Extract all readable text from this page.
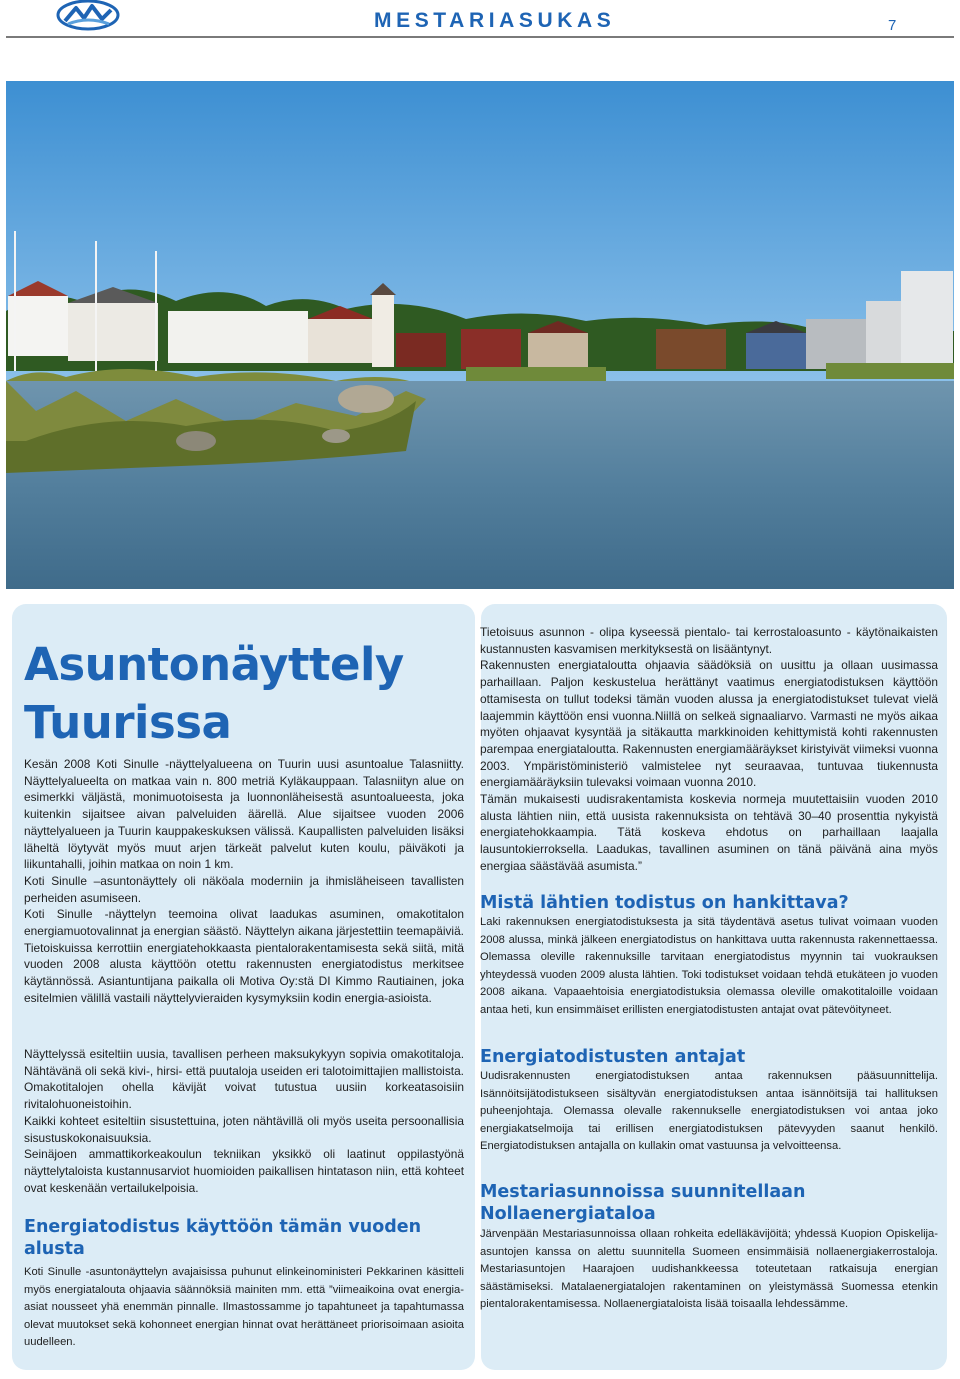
MESTARIASUKAS	7
Asuntonäyttely
Tuurissa

Kesän 2008 Koti Sinulle -näyttelyalueena on Tuurin uusi asuntoalue Talasniitty. Näyttelyalueelta on matkaa vain n. 800 metriä Kyläkauppaan. Talasniityn alue on esimerkki väljästä, monimuotoisesta ja luonnonläheisestä asuntoalueesta, joka kuitenkin sijaitsee aivan palveluiden äärellä. Alue sijaitsee vuoden 2006 näyttelyalueen ja Tuurin kauppakeskuksen välissä. Kaupallisten palveluiden lisäksi läheltä löytyvät myös muut arjen tärkeät palvelut kuten koulu, päiväkoti ja liikuntahalli, joihin matkaa on noin 1 km.

Koti Sinulle –asuntonäyttely oli näköala moderniin ja ihmisläheiseen tavallisten perheiden asumiseen.

Koti Sinulle -näyttelyn teemoina olivat laadukas asuminen, omakotitalon energiamuotovalinnat ja energian säästö. Näyttelyn aikana järjestettiin teemapäiviä. Tietoiskuissa kerrottiin energiatehokkaasta pientalorakentamisesta sekä siitä, mitä vuoden 2008 alusta käyttöön otettu rakennusten energiatodistus merkitsee käytännössä. Asiantuntijana paikalla oli Motiva Oy:stä DI Kimmo Rautiainen, joka esitelmien välillä vastaili näyttelyvieraiden kysymyksiin kodin energia-asioista.

Näyttelyssä esiteltiin uusia, tavallisen perheen maksukykyyn sopivia omakotitaloja. Nähtävänä oli sekä kivi-, hirsi- että puutaloja useiden eri talotoimittajien mallistoista. Omakotitalojen ohella kävijät voivat tutustua uusiin korkeatasoisiin rivitalohuoneistoihin.

Kaikki kohteet esiteltiin sisustettuina, joten nähtävillä oli myös useita persoonallisia sisustuskokonaisuuksia.

Seinäjoen ammattikorkeakoulun tekniikan yksikkö oli laatinut oppilastyönä näyttelytaloista kustannusarviot huomioiden paikallisen hintatason niin, että kohteet ovat keskenään vertailukelpoisia.

Energiatodistus käyttöön tämän vuoden alusta

Koti Sinulle -asuntonäyttelyn avajaisissa puhunut elinkeinoministeri Pekkarinen käsitteli myös energiatalouta ohjaavia säännöksiä mainiten mm. että ”viimeaikoina ovat energia-asiat nousseet yhä enemmän pinnalle. Ilmastossamme jo tapahtuneet ja tapahtumassa olevat muutokset sekä kohonneet energian hinnat ovat herättäneet priorisoimaan asioita uudelleen.

Tietoisuus asunnon - olipa kyseessä pientalo- tai kerrostaloasunto - käytönaikaisten kustannusten kasvamisen merkityksestä on lisääntynyt.

Rakennusten energiataloutta ohjaavia säädöksiä on uusittu ja ollaan uusimassa parhaillaan. Paljon keskustelua herättänyt vaatimus energiatodistuksen käyttöön ottamisesta on tullut todeksi tämän vuoden alussa ja energiatodistukset tulevat vielä laajemmin käyttöön ensi vuonna.Niillä on selkeä signaaliarvo. Varmasti ne myös aikaa myöten ohjaavat kysyntää ja sitäkautta markkinoiden kehittymistä kohti rakennusten parempaa energiataloutta. Rakennusten energiamääräykset kiristyivät viimeksi vuonna 2003. Ympäristöministeriö valmistelee nyt seuraavaa, tuntuvaa tiukennusta energiamääräyksiin tulevaksi voimaan vuonna 2010.

Tämän mukaisesti uudisrakentamista koskevia normeja muutettaisiin vuoden 2010 alusta lähtien niin, että uusista rakennuksista on tehtävä 30–40 prosenttia nykyistä energiatehokkaampia. Tätä koskeva ehdotus on parhaillaan laajalla lausuntokierroksella. Laadukas, tavallinen asuminen on tänä päivänä aina myös energiaa säästävää asumista.”

Mistä lähtien todistus on hankittava?

Laki rakennuksen energiatodistuksesta ja sitä täydentävä asetus tulivat voimaan vuoden 2008 alussa, minkä jälkeen energiatodistus on hankittava uutta rakennusta rakennettaessa. Olemassa oleville rakennuksille tarvitaan energiatodistus myynnin tai vuokrauksen yhteydessä vuoden 2009 alusta lähtien. Toki todistukset voidaan tehdä etukäteen jo vuoden 2008 aikana. Vapaaehtoisia energiatodistuksia olemassa oleville omakotitaloille voidaan antaa heti, kun ensimmäiset erillisten energiatodistusten antajat ovat pätevöityneet.

Energiatodistusten antajat

Uudisrakennusten energiatodistuksen antaa rakennuksen pääsuunnittelija. Isännöitsijätodistukseen sisältyvän energiatodistuksen antaa isännöitsijä tai hallituksen puheenjohtaja. Olemassa olevalle rakennukselle energiatodistuksen voi antaa joko energiakatselmoija tai erillisen energiatodistuksen pätevyyden saanut henkilö. Energiatodistuksen antajalla on kullakin omat vastuunsa ja velvoitteensa.

Mestariasunnoissa suunnitellaan Nollaenergiataloa

Järvenpään Mestariasunnoissa ollaan rohkeita edelläkävijöitä; yhdessä Kuopion Opiskelija-asuntojen kanssa on alettu suunnitella Suomeen ensimmäisiä nollaenergiakerrostaloja. Mestariasuntojen Haarajoen uudishankkeessa toteutetaan ratkaisuja energian säästämiseksi. Matalaenergiatalojen rakentaminen on yleistymässä Suomessa etenkin pientalorakentamisessa. Nollaenergiataloista lisää toisaalla lehdessämme.
